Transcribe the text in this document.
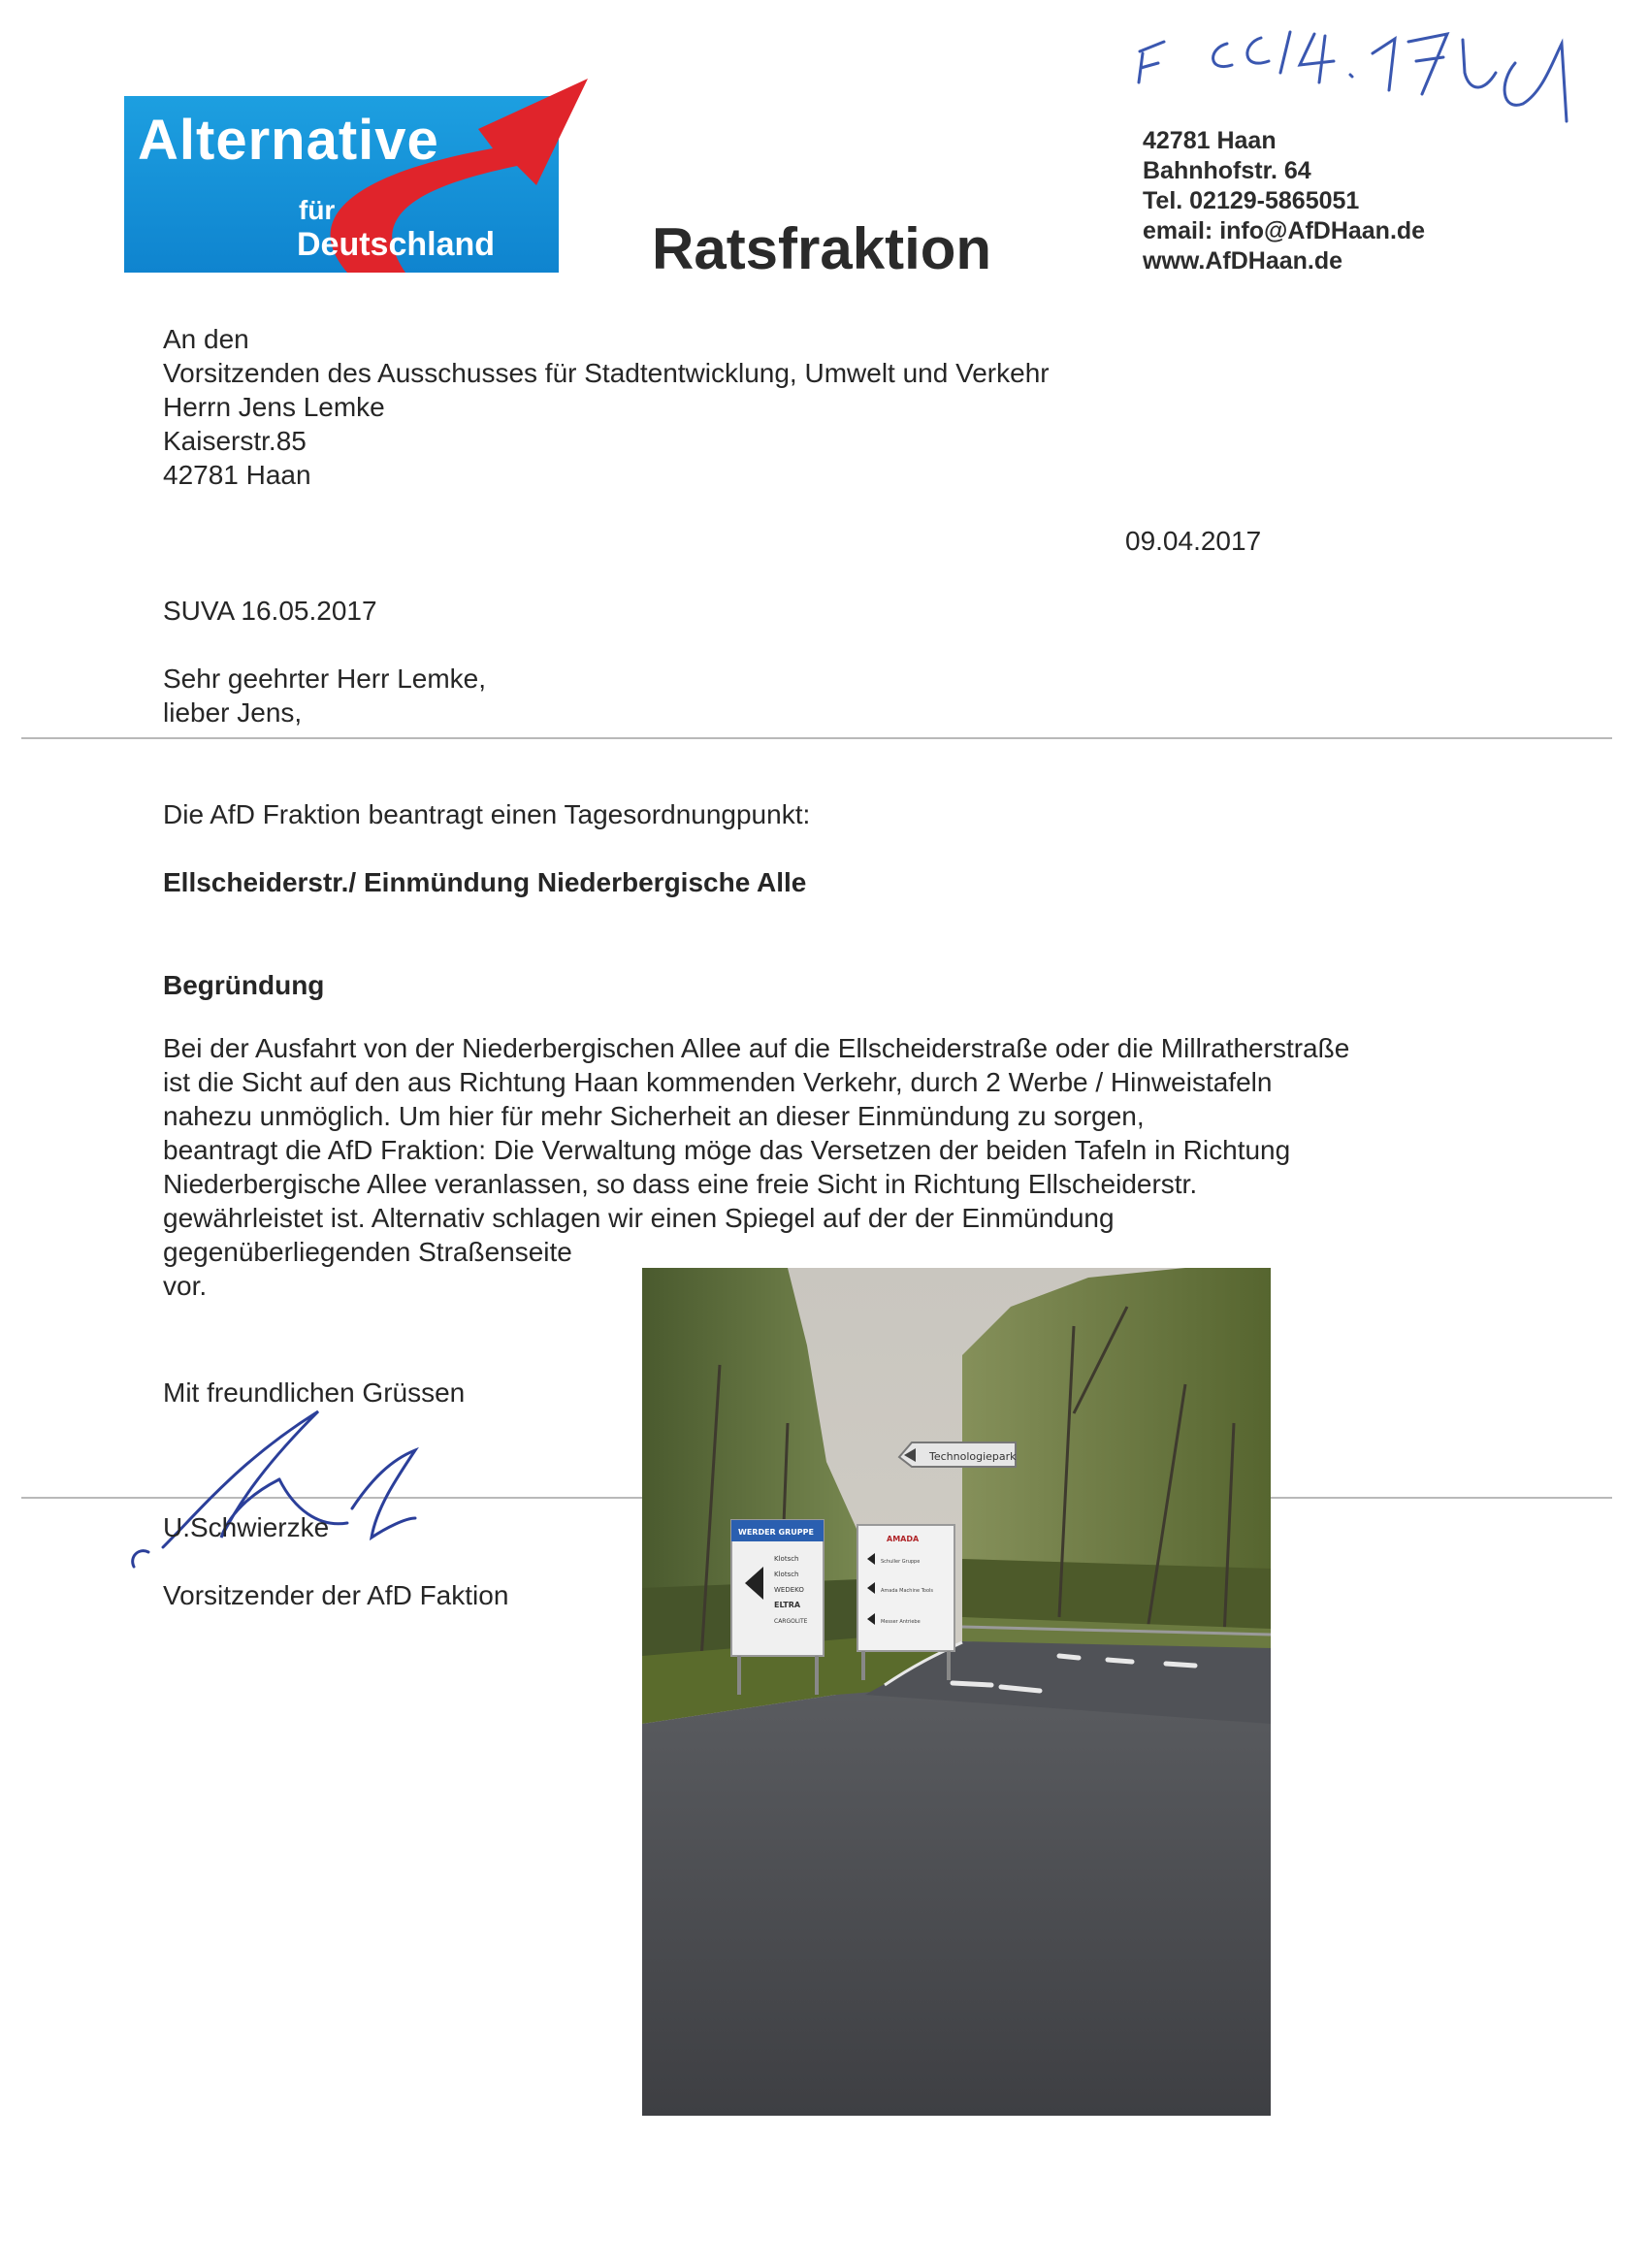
Alternative
für
Deutschland	Ratsfraktion
42781 Haan
Bahnhofstr. 64
Tel. 02129-5865051
email: info@AfDHaan.de
www.AfDHaan.de
An den
Vorsitzenden des Ausschusses für Stadtentwicklung, Umwelt und Verkehr
Herrn Jens Lemke
Kaiserstr.85
42781 Haan
09.04.2017
SUVA 16.05.2017
Sehr geehrter Herr Lemke,
lieber Jens,
Die AfD Fraktion beantragt einen Tagesordnungpunkt:
Ellscheiderstr./ Einmündung Niederbergische Alle
Begründung
Bei der Ausfahrt von der Niederbergischen Allee auf die Ellscheiderstraße oder die Millratherstraße
ist die Sicht auf den aus Richtung Haan kommenden Verkehr, durch 2 Werbe / Hinweistafeln
nahezu unmöglich. Um hier für mehr Sicherheit an dieser Einmündung zu sorgen,
beantragt die AfD Fraktion: Die Verwaltung möge das Versetzen der beiden Tafeln in Richtung
Niederbergische Allee veranlassen, so dass eine freie Sicht in Richtung Ellscheiderstr.
gewährleistet ist. Alternativ schlagen wir einen Spiegel auf der der Einmündung
gegenüberliegenden Straßenseite
vor.
Mit freundlichen Grüssen
U.Schwierzke
Vorsitzender der AfD Faktion
Technologiepark
WERDER GRUPPE
Klotsch
Klotsch
WEDEKO
ELTRA
CARGOLITE
AMADA
Schuller Gruppe
Amada Machine Tools
Messer Antriebe
